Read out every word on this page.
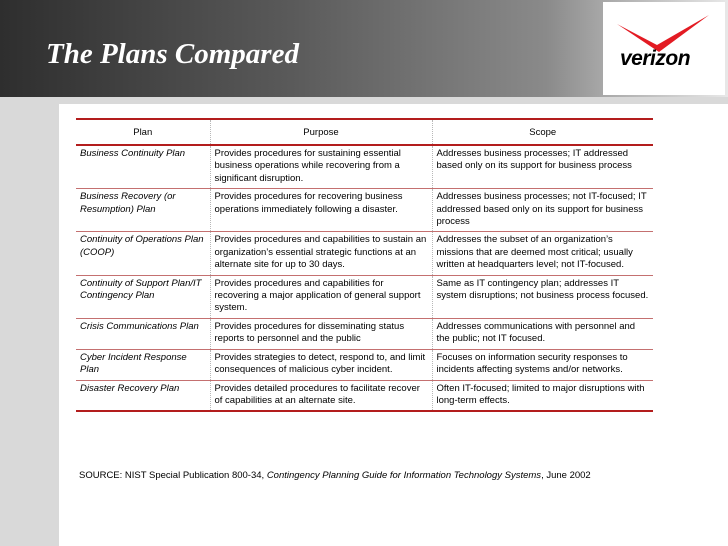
The Plans Compared	verizon
Plan	Purpose	Scope
Business Continuity Plan	Provides procedures for sustaining essential business operations while recovering from a significant disruption.	Addresses business processes; IT addressed based only on its support for business process
Business Recovery (or Resumption) Plan	Provides procedures for recovering business operations immediately following a disaster.	Addresses business processes; not IT-focused; IT addressed based only on its support for business process
Continuity of Operations Plan (COOP)	Provides procedures and capabilities to sustain an organization’s essential strategic functions at an alternate site for up to 30 days.	Addresses the subset of an organization’s missions that are deemed most critical; usually written at headquarters level; not IT-focused.
Continuity of Support Plan/IT Contingency Plan	Provides procedures and capabilities for recovering a major application of general support system.	Same as IT contingency plan; addresses IT system disruptions; not business process focused.
Crisis Communications Plan	Provides procedures for disseminating status reports to personnel and the public	Addresses communications with personnel and the public; not IT focused.
Cyber Incident Response Plan	Provides strategies to detect, respond to, and limit consequences of malicious cyber incident.	Focuses on information security responses to incidents affecting systems and/or networks.
Disaster Recovery Plan	Provides detailed procedures to facilitate recover of capabilities at an alternate site.	Often IT-focused; limited to major disruptions with long-term effects.
SOURCE: NIST Special Publication 800-34, Contingency Planning Guide for Information Technology Systems, June 2002
